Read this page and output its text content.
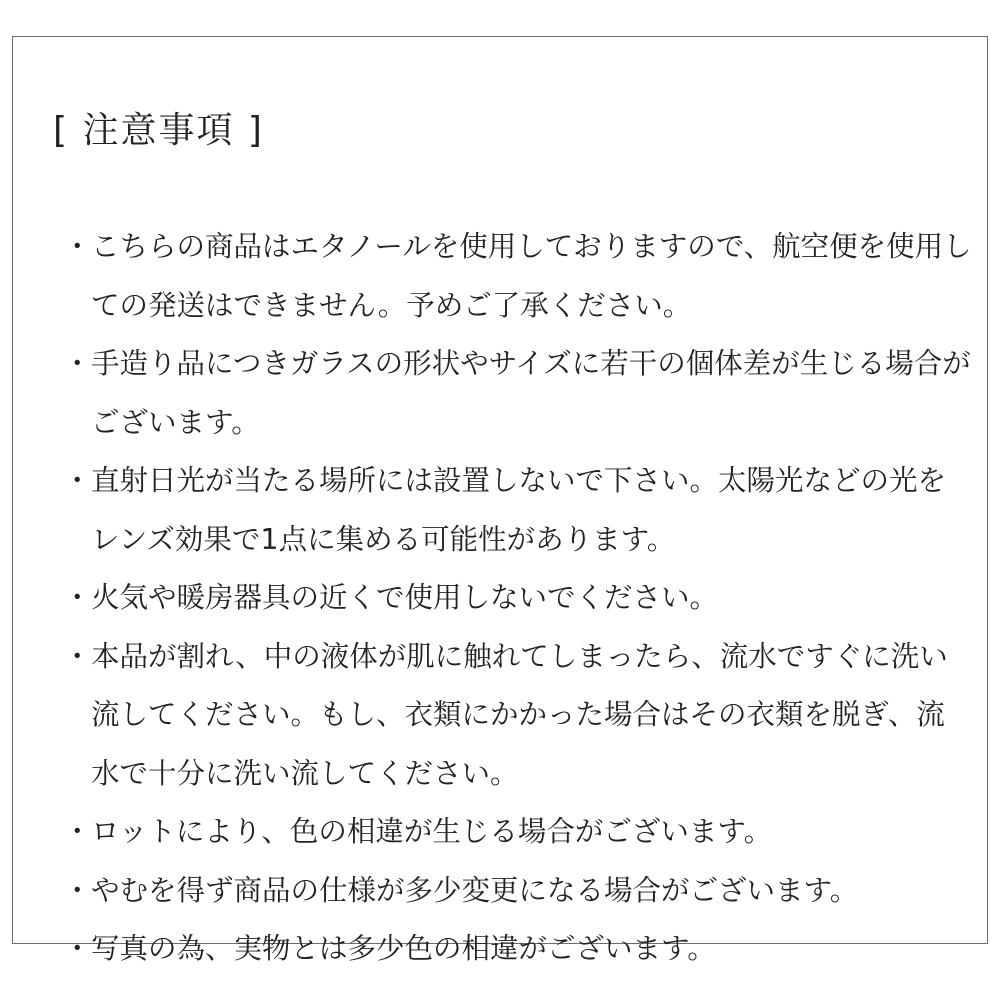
[ 注意事項 ]
・ こちらの商品はエタノールを使用しておりますので、航空便を使用しての発送はできません。予めご了承ください。
・ 手造り品につきガラスの形状やサイズに若干の個体差が生じる場合がございます。
・ 直射日光が当たる場所には設置しないで下さい。太陽光などの光をレンズ効果で1点に集める可能性があります。
・ 火気や暖房器具の近くで使用しないでください。
・ 本品が割れ、中の液体が肌に触れてしまったら、流水ですぐに洗い流してください。もし、衣類にかかった場合はその衣類を脱ぎ、流水で十分に洗い流してください。
・ ロットにより、色の相違が生じる場合がございます。
・ やむを得ず商品の仕様が多少変更になる場合がございます。
・ 写真の為、実物とは多少色の相違がございます。
